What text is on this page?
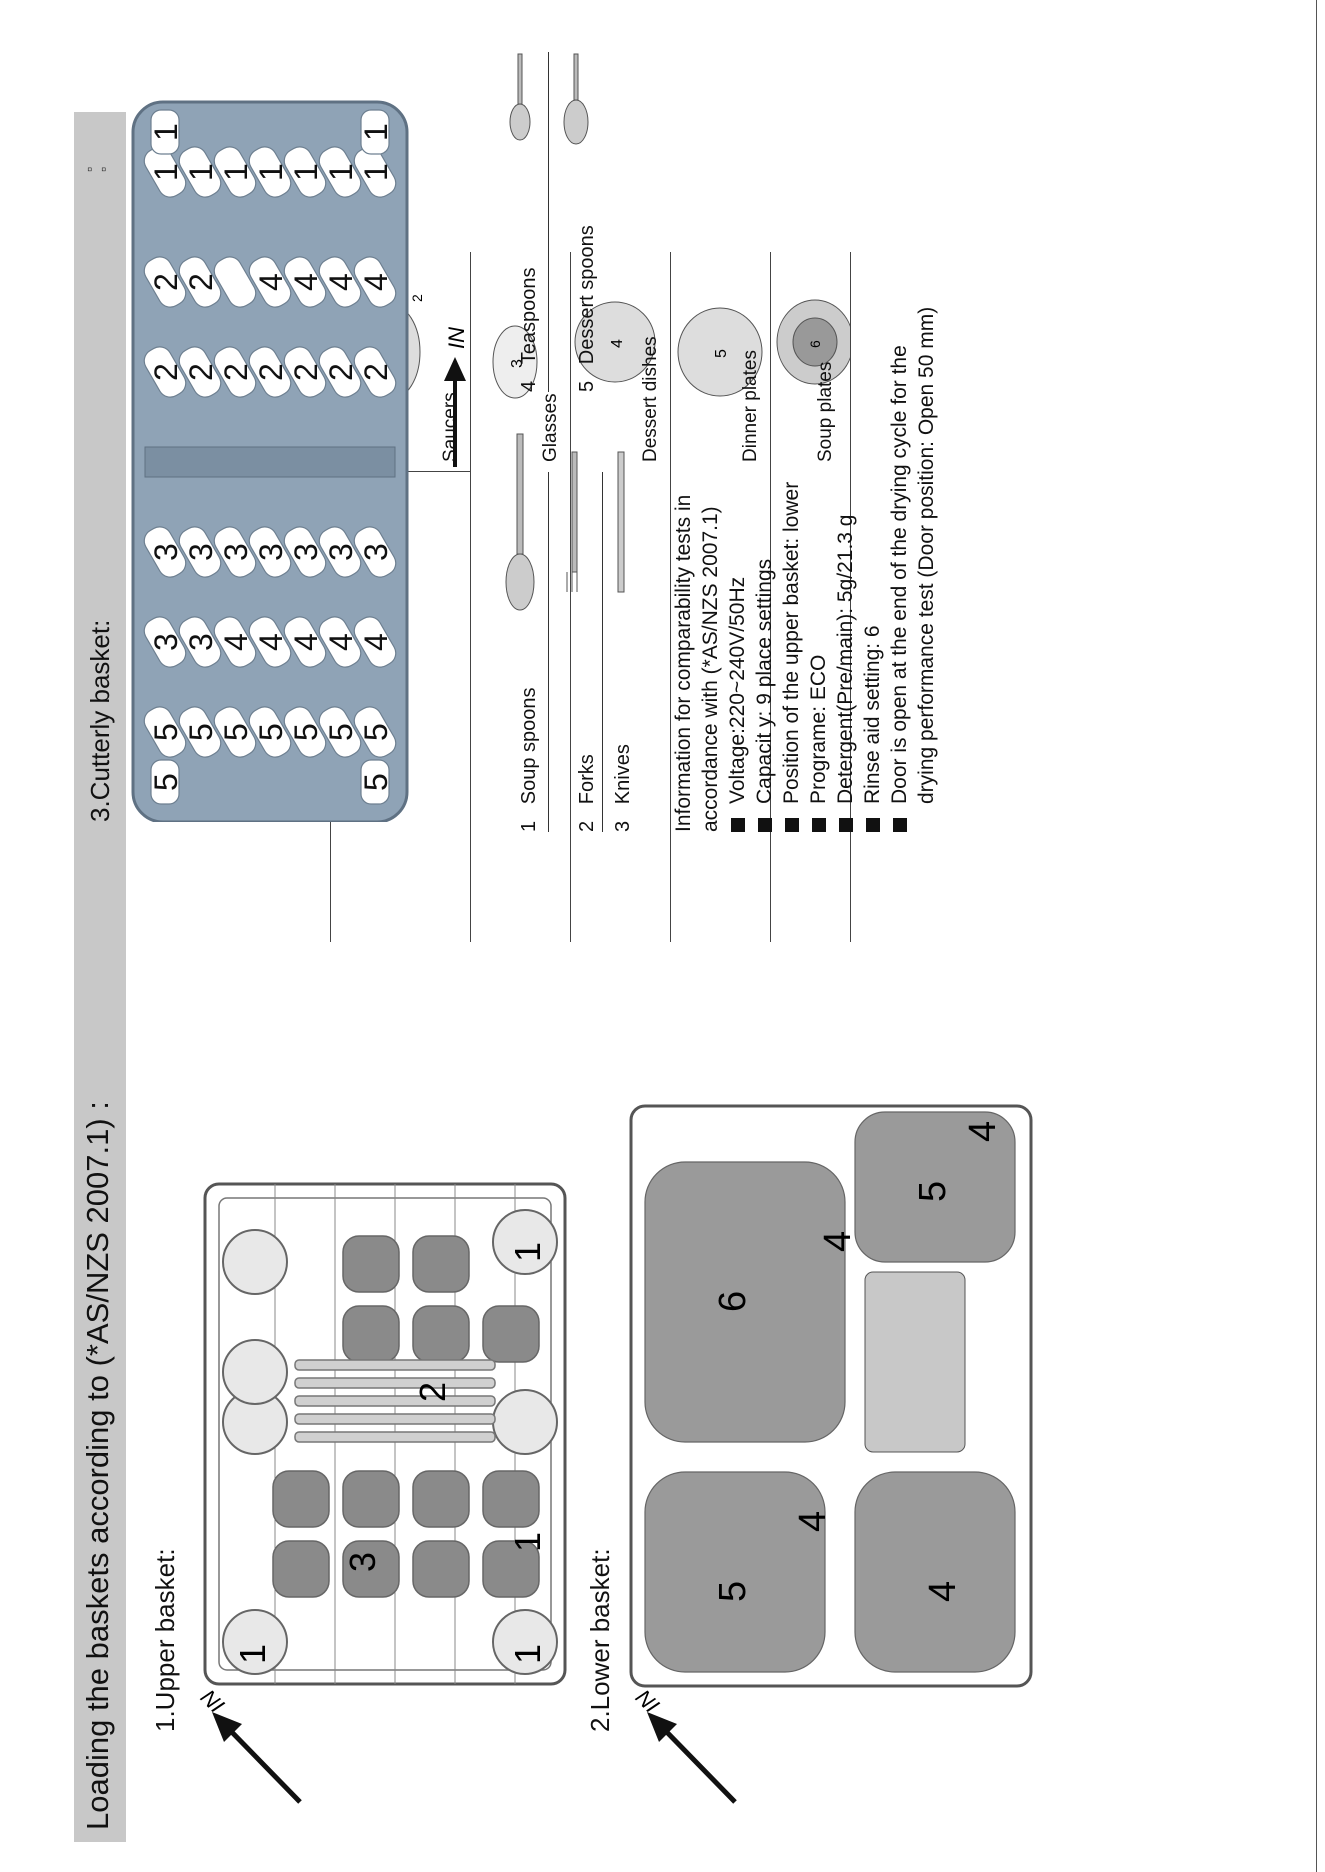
Loading the baskets according to (*AS/NZS 2007.1) :
▫
▫
1.Upper basket: IN
1
3
1
2
1
1
2.Lower basket: IN
5
4
4
6
4
5
4
2
3
4
5
6
Saucers	Glasses	Dessert dishes	Dinner plates	Soup plates
3.Cutterly basket: 5 5 5 5 5 5 5
3 3 4 4 4 4 4
3 3 3 3 3 3 3
2 2 2 2 2 2 2
2 2 4 4 4 4
1 1 1 1 1 1 1
5	5
1	1
IN
1   Soup spoons
2   Forks
3   Knives
4   Teaspoons
5   Dessert spoons
Information for comparability tests in accordance with (*AS/NZS 2007.1) Voltage:220~240V/50Hz Capacit y: 9 place settings Position of the upper basket: lower Programe: ECO Detergent(Pre/main): 5g/21.3 g Rinse aid setting: 6 Door is open at the end of the drying cycle for the drying performance test (Door position: Open 50 mm)
